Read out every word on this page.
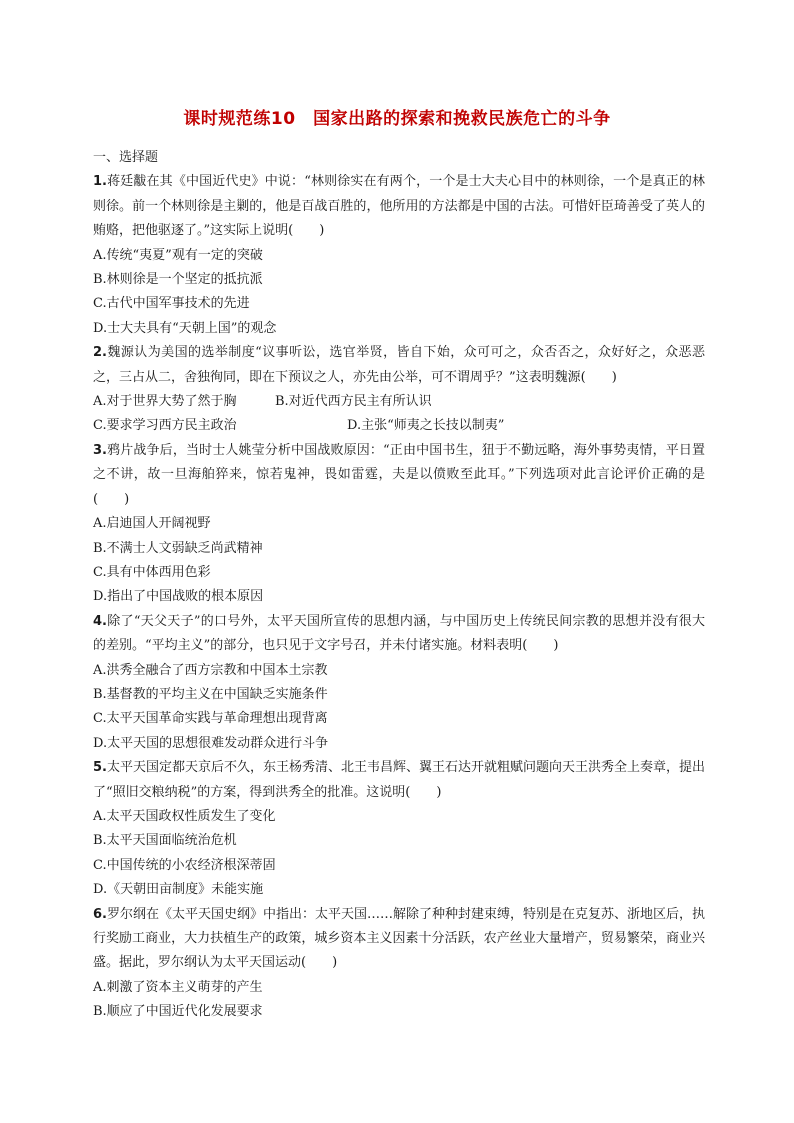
课时规范练10　国家出路的探索和挽救民族危亡的斗争

一、选择题

1.蒋廷黻在其《中国近代史》中说：“林则徐实在有两个，一个是士大夫心目中的林则徐，一个是真正的林则徐。前一个林则徐是主剿的，他是百战百胜的，他所用的方法都是中国的古法。可惜奸臣琦善受了英人的贿赂，把他驱逐了。”这实际上说明(　　)

A.传统“夷夏”观有一定的突破

B.林则徐是一个坚定的抵抗派

C.古代中国军事技术的先进

D.士大夫具有“天朝上国”的观念

2.魏源认为美国的选举制度“议事听讼，选官举贤，皆自下始，众可可之，众否否之，众好好之，众恶恶之，三占从二，舍独徇同，即在下预议之人，亦先由公举，可不谓周乎？”这表明魏源(　　)

A.对于世界大势了然于胸	B.对近代西方民主有所认识
C.要求学习西方民主政治	D.主张“师夷之长技以制夷”

3.鸦片战争后，当时士人姚莹分析中国战败原因：“正由中国书生，狃于不勤远略，海外事势夷情，平日置之不讲，故一旦海舶猝来，惊若鬼神，畏如雷霆，夫是以偾败至此耳。”下列选项对此言论评价正确的是(　　)

A.启迪国人开阔视野

B.不满士人文弱缺乏尚武精神

C.具有中体西用色彩

D.指出了中国战败的根本原因

4.除了“天父天子”的口号外，太平天国所宣传的思想内涵，与中国历史上传统民间宗教的思想并没有很大的差别。“平均主义”的部分，也只见于文字号召，并未付诸实施。材料表明(　　)

A.洪秀全融合了西方宗教和中国本土宗教

B.基督教的平均主义在中国缺乏实施条件

C.太平天国革命实践与革命理想出现背离

D.太平天国的思想很难发动群众进行斗争

5.太平天国定都天京后不久，东王杨秀清、北王韦昌辉、翼王石达开就粗赋问题向天王洪秀全上奏章，提出了“照旧交粮纳税”的方案，得到洪秀全的批准。这说明(　　)

A.太平天国政权性质发生了变化

B.太平天国面临统治危机

C.中国传统的小农经济根深蒂固

D.《天朝田亩制度》未能实施

6.罗尔纲在《太平天国史纲》中指出：太平天国……解除了种种封建束缚，特别是在克复苏、浙地区后，执行奖励工商业，大力扶植生产的政策，城乡资本主义因素十分活跃，农产丝业大量增产，贸易繁荣，商业兴盛。据此，罗尔纲认为太平天国运动(　　)

A.刺激了资本主义萌芽的产生

B.顺应了中国近代化发展要求
